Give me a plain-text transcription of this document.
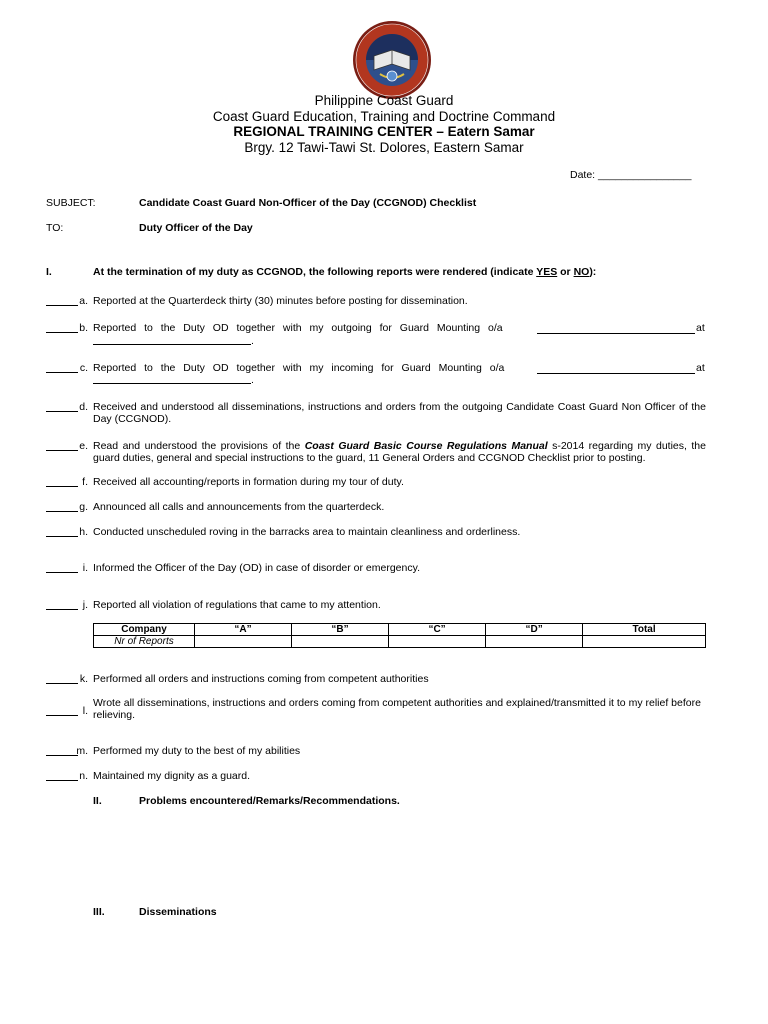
Philippine Coast Guard
Coast Guard Education, Training and Doctrine Command
REGIONAL TRAINING CENTER – Eatern Samar
Brgy. 12 Tawi-Tawi St. Dolores, Eastern Samar
Date: ________________
SUBJECT:	Candidate Coast Guard Non-Officer of the Day (CCGNOD) Checklist
TO:	Duty Officer of the Day
I.	At the termination of my duty as CCGNOD, the following reports were rendered (indicate YES or NO):
a. Reported at the Quarterdeck thirty (30) minutes before posting for dissemination.
b. Reported to the Duty OD together with my outgoing for Guard Mounting o/a	at
.
c. Reported to the Duty OD together with my incoming for Guard Mounting o/a	at
.
d. Received and understood all disseminations, instructions and orders from the outgoing Candidate Coast Guard Non Officer of the Day (CCGNOD).
e. Read and understood the provisions of the Coast Guard Basic Course Regulations Manual s-2014 regarding my duties, the guard duties, general and special instructions to the guard, 11 General Orders and CCGNOD Checklist prior to posting.
f. Received all accounting/reports in formation during my tour of duty.
g. Announced all calls and announcements from the quarterdeck.
h. Conducted unscheduled roving in the barracks area to maintain cleanliness and orderliness.
i. Informed the Officer of the Day (OD) in case of disorder or emergency.
j. Reported all violation of regulations that came to my attention.
Company	“A”	“B”	“C”	“D”	Total
Nr of Reports					
k. Performed all orders and instructions coming from competent authorities
l.
Wrote all disseminations, instructions and orders coming from competent authorities and explained/transmitted it to my relief before relieving.
m. Performed my duty to the best of my abilities
n. Maintained my dignity as a guard.
II.	Problems encountered/Remarks/Recommendations.
III.	Disseminations
